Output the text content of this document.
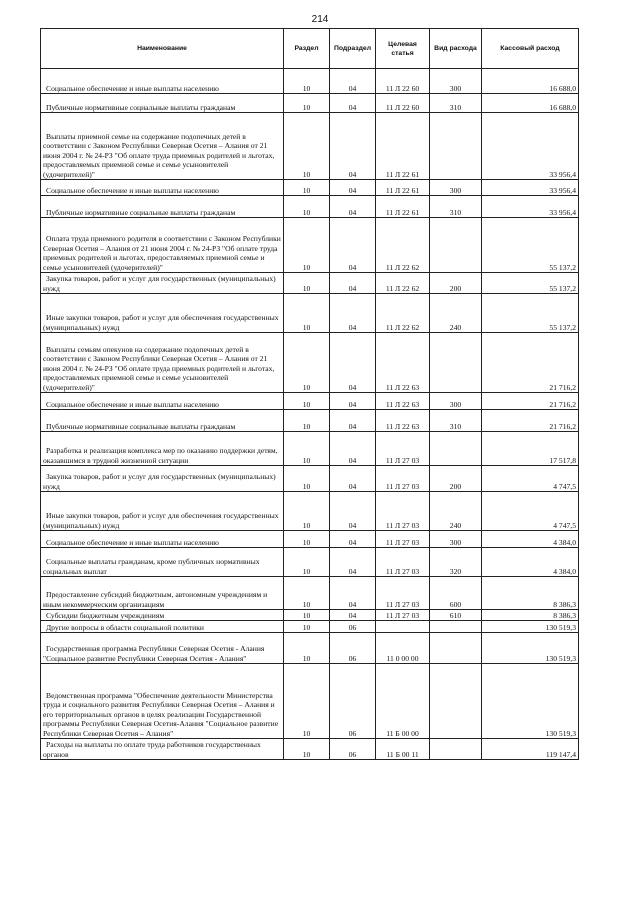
214
Наименование	Раздел	Подраздел	Целевая статья	Вид расхода	Кассовый расход
Социальное обеспечение и иные выплаты населению	10	04	11 Л 22 60	300	16 688,0
Публичные нормативные социальные выплаты гражданам	10	04	11 Л 22 60	310	16 688,0
Выплаты приемной семье на содержание подопечных детей в соответствии с Законом Республики Северная Осетия – Алания от 21 июня 2004 г. № 24-РЗ "Об оплате труда приемных родителей и льготах, предоставляемых приемной семье и семье усыновителей (удочерителей)"	10	04	11 Л 22 61		33 956,4
Социальное обеспечение и иные выплаты населению	10	04	11 Л 22 61	300	33 956,4
Публичные нормативные социальные выплаты гражданам	10	04	11 Л 22 61	310	33 956,4
Оплата труда приемного родителя в соответствии с Законом Республики Северная Осетия – Алания от 21 июня 2004 г. № 24-РЗ "Об оплате труда приемных родителей и льготах, предоставляемых приемной семье и семье усыновителей (удочерителей)"	10	04	11 Л 22 62		55 137,2
Закупка товаров, работ и услуг для государственных (муниципальных) нужд	10	04	11 Л 22 62	200	55 137,2
Иные закупки товаров, работ и услуг для обеспечения государственных (муниципальных) нужд	10	04	11 Л 22 62	240	55 137,2
Выплаты семьям опекунов на содержание подопечных детей в соответствии с Законом Республики Северная Осетия – Алания от 21 июня 2004 г. № 24-РЗ "Об оплате труда приемных родителей и льготах, предоставляемых приемной семье и семье усыновителей (удочерителей)"	10	04	11 Л 22 63		21 716,2
Социальное обеспечение и иные выплаты населению	10	04	11 Л 22 63	300	21 716,2
Публичные нормативные социальные выплаты гражданам	10	04	11 Л 22 63	310	21 716,2
Разработка и реализация комплекса мер по оказанию поддержки детям, оказавшимся в трудной жизненной ситуации	10	04	11 Л 27 03		17 517,8
Закупка товаров, работ и услуг для государственных (муниципальных) нужд	10	04	11 Л 27 03	200	4 747,5
Иные закупки товаров, работ и услуг для обеспечения государственных (муниципальных) нужд	10	04	11 Л 27 03	240	4 747,5
Социальное обеспечение и иные выплаты населению	10	04	11 Л 27 03	300	4 384,0
Социальные выплаты гражданам, кроме публичных нормативных социальных выплат	10	04	11 Л 27 03	320	4 384,0
Предоставление субсидий бюджетным, автономным учреждениям и иным некоммерческим организациям	10	04	11 Л 27 03	600	8 386,3
Субсидии бюджетным учреждениям	10	04	11 Л 27 03	610	8 386,3
Другие вопросы в области социальной политики	10	06			130 519,3
Государственная программа Республики Северная Осетия - Алания "Социальное развитие Республики Северная Осетия - Алания"	10	06	11 0 00 00		130 519,3
Ведомственная программа "Обеспечение деятельности Министерства труда и социального развития Республики Северная Осетия – Алания и его территориальных органов в целях реализации Государственной программы Республики Северная Осетия-Алания "Социальное развитие Республики Северная Осетия – Алания"	10	06	11 Б 00 00		130 519,3
Расходы на выплаты по оплате труда работников государственных органов	10	06	11 Б 00 11		119 147,4
